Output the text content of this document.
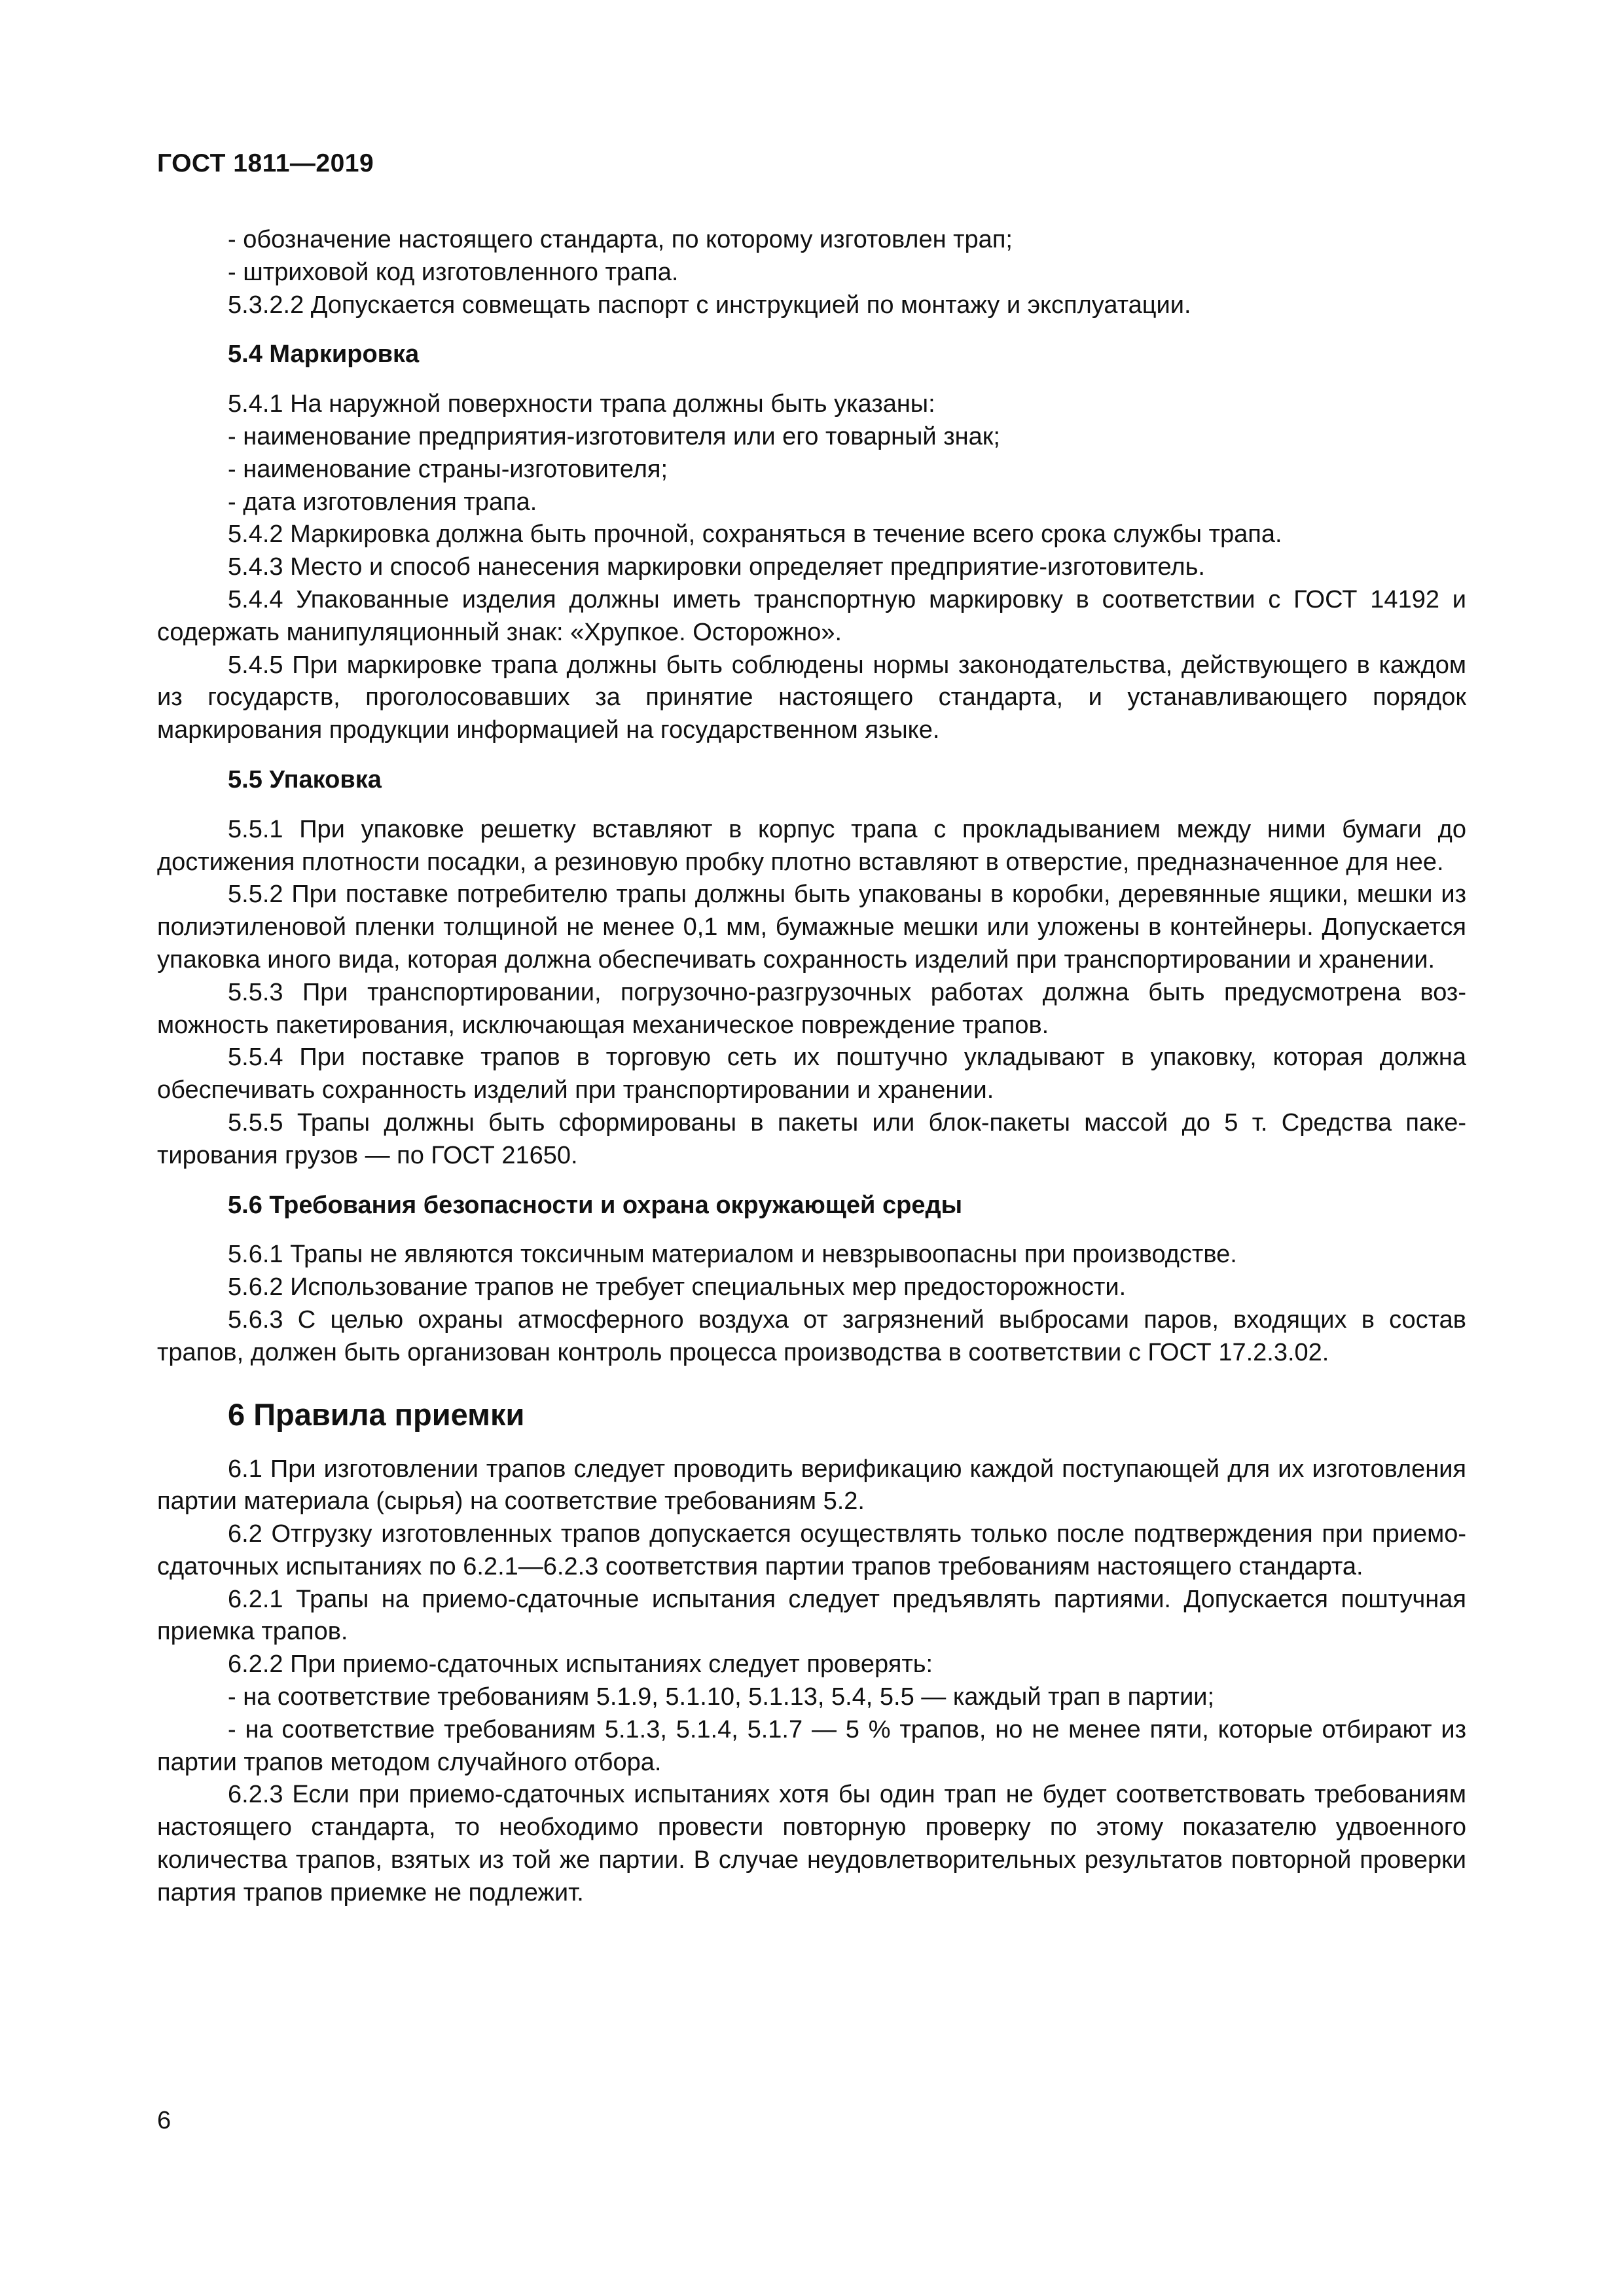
ГОСТ 1811—2019
- обозначение настоящего стандарта, по которому изготовлен трап;
- штриховой код изготовленного трапа.
5.3.2.2 Допускается совмещать паспорт с инструкцией по монтажу и эксплуатации.
5.4 Маркировка
5.4.1 На наружной поверхности трапа должны быть указаны:
- наименование предприятия-изготовителя или его товарный знак;
- наименование страны-изготовителя;
- дата изготовления трапа.
5.4.2 Маркировка должна быть прочной, сохраняться в течение всего срока службы трапа.
5.4.3 Место и способ нанесения маркировки определяет предприятие-изготовитель.
5.4.4 Упакованные изделия должны иметь транспортную маркировку в соответствии с ГОСТ 14192 и содержать манипуляционный знак: «Хрупкое. Осторожно».
5.4.5 При маркировке трапа должны быть соблюдены нормы законодательства, действующего в каждом из государств, проголосовавших за принятие настоящего стандарта, и устанавливающего порядок маркирования продукции информацией на государственном языке.
5.5 Упаковка
5.5.1 При упаковке решетку вставляют в корпус трапа с прокладыванием между ними бумаги до достижения плотности посадки, а резиновую пробку плотно вставляют в отверстие, предназначенное для нее.
5.5.2 При поставке потребителю трапы должны быть упакованы в коробки, деревянные ящики, мешки из полиэтиленовой пленки толщиной не менее 0,1 мм, бумажные мешки или уложены в контейнеры. Допускается упаковка иного вида, которая должна обеспечивать сохранность изделий при транспортировании и хранении.
5.5.3 При транспортировании, погрузочно-разгрузочных работах должна быть предусмотрена возможность пакетирования, исключающая механическое повреждение трапов.
5.5.4 При поставке трапов в торговую сеть их поштучно укладывают в упаковку, которая должна обеспечивать сохранность изделий при транспортировании и хранении.
5.5.5 Трапы должны быть сформированы в пакеты или блок-пакеты массой до 5 т. Средства пакетирования грузов — по ГОСТ 21650.
5.6 Требования безопасности и охрана окружающей среды
5.6.1 Трапы не являются токсичным материалом и невзрывоопасны при производстве.
5.6.2 Использование трапов не требует специальных мер предосторожности.
5.6.3 С целью охраны атмосферного воздуха от загрязнений выбросами паров, входящих в состав трапов, должен быть организован контроль процесса производства в соответствии с ГОСТ 17.2.3.02.
6 Правила приемки
6.1 При изготовлении трапов следует проводить верификацию каждой поступающей для их изготовления партии материала (сырья) на соответствие требованиям 5.2.
6.2 Отгрузку изготовленных трапов допускается осуществлять только после подтверждения при приемо-сдаточных испытаниях по 6.2.1—6.2.3 соответствия партии трапов требованиям настоящего стандарта.
6.2.1 Трапы на приемо-сдаточные испытания следует предъявлять партиями. Допускается поштучная приемка трапов.
6.2.2 При приемо-сдаточных испытаниях следует проверять:
- на соответствие требованиям 5.1.9, 5.1.10, 5.1.13, 5.4, 5.5 — каждый трап в партии;
- на соответствие требованиям 5.1.3, 5.1.4, 5.1.7 — 5 % трапов, но не менее пяти, которые отбирают из партии трапов методом случайного отбора.
6.2.3 Если при приемо-сдаточных испытаниях хотя бы один трап не будет соответствовать требованиям настоящего стандарта, то необходимо провести повторную проверку по этому показателю удвоенного количества трапов, взятых из той же партии. В случае неудовлетворительных результатов повторной проверки партия трапов приемке не подлежит.
6
